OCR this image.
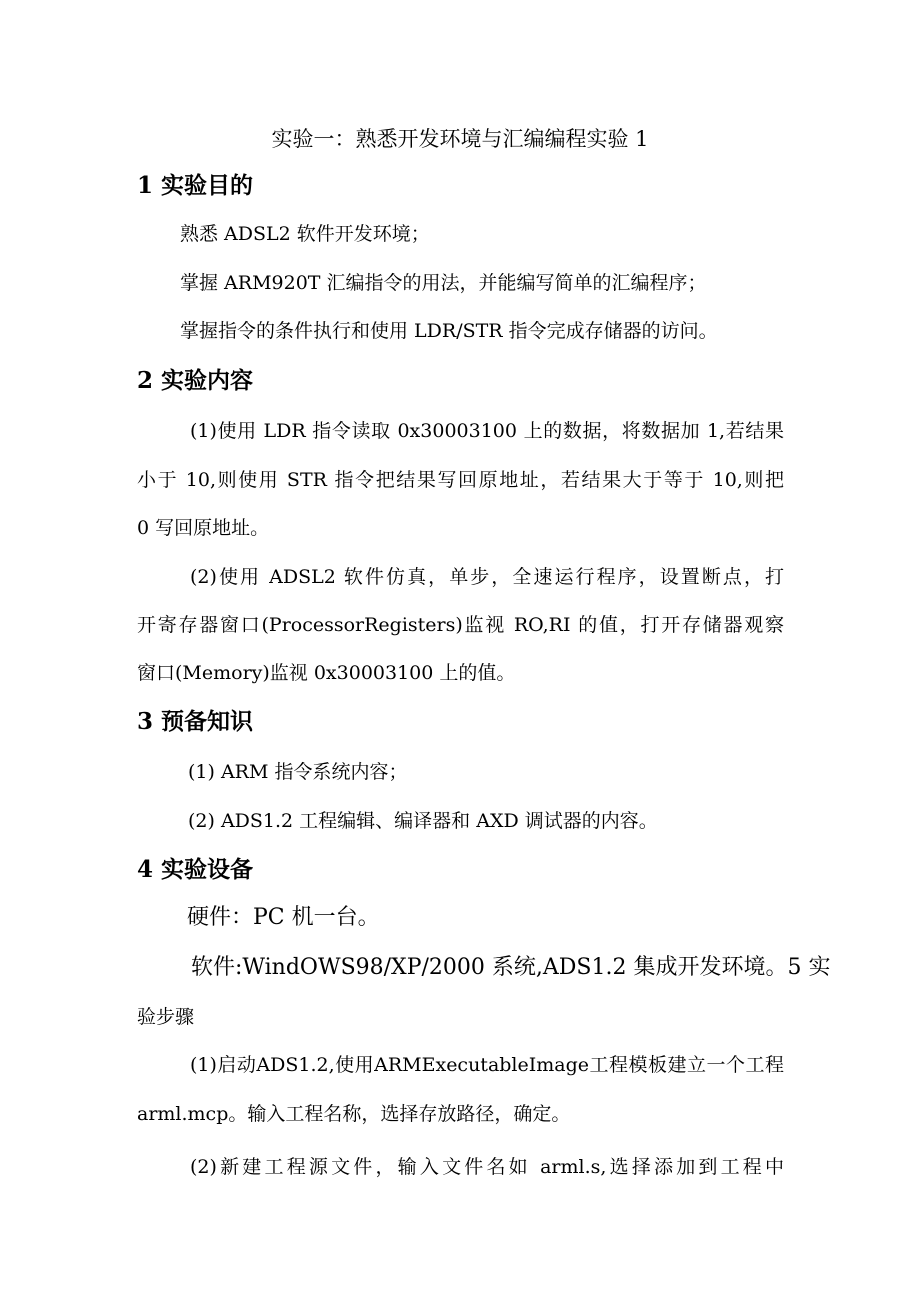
实验一：熟悉开发环境与汇编编程实验 1
1 实验目的
熟悉 ADSL2 软件开发环境；
掌握 ARM920T 汇编指令的用法，并能编写简单的汇编程序；
掌握指令的条件执行和使用 LDR/STR 指令完成存储器的访问。
2 实验内容
(1)使用 LDR 指令读取 0x30003100 上的数据，将数据加 1,若结果
小于 10,则使用 STR 指令把结果写回原地址，若结果大于等于 10,则把
0 写回原地址。
(2)使用 ADSL2 软件仿真，单步，全速运行程序，设置断点，打
开寄存器窗口(ProcessorRegisters)监视 RO,RI 的值，打开存储器观察
窗口(Memory)监视 0x30003100 上的值。
3 预备知识
(1) ARM 指令系统内容；
(2) ADS1.2 工程编辑、编译器和 AXD 调试器的内容。
4 实验设备
硬件：PC 机一台。
软件:WindOWS98/XP/2000 系统,ADS1.2 集成开发环境。5 实
验步骤
(1)启动ADS1.2,使用ARMExecutableImage工程模板建立一个工程
arml.mcp。输入工程名称，选择存放路径，确定。
(2)新建工程源文件，输入文件名如 arml.s,选择添加到工程中
